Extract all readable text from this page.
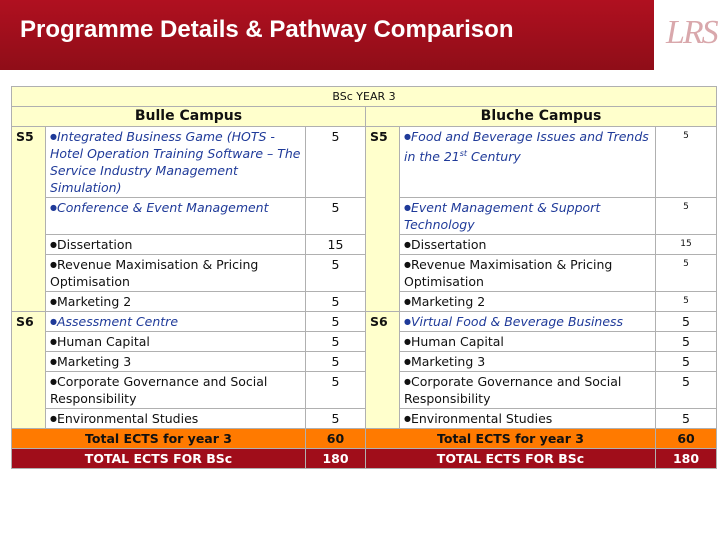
Programme Details & Pathway Comparison	LRS
BSc YEAR 3					
Bulle Campus			Bluche Campus		
S5	● Integrated Business Game (HOTS - Hotel Operation Training Software – The Service Industry Management Simulation)	5	S5	● Food and Beverage Issues and Trends in the 21st Century	5
	● Conference & Event Management	5		● Event Management & Support Technology	5
	● Dissertation	15		● Dissertation	15
	● Revenue Maximisation & Pricing Optimisation	5		● Revenue Maximisation & Pricing Optimisation	5
	● Marketing 2	5		● Marketing 2	5
S6	● Assessment Centre	5	S6	● Virtual Food & Beverage Business	5
	● Human Capital	5		● Human Capital	5
	● Marketing 3	5		● Marketing 3	5
	● Corporate Governance and Social Responsibility	5		● Corporate Governance and Social Responsibility	5
	● Environmental Studies	5		● Environmental Studies	5
Total ECTS for year 3		60	Total ECTS for year 3		60
TOTAL ECTS FOR BSc		180	TOTAL ECTS FOR BSc		180
